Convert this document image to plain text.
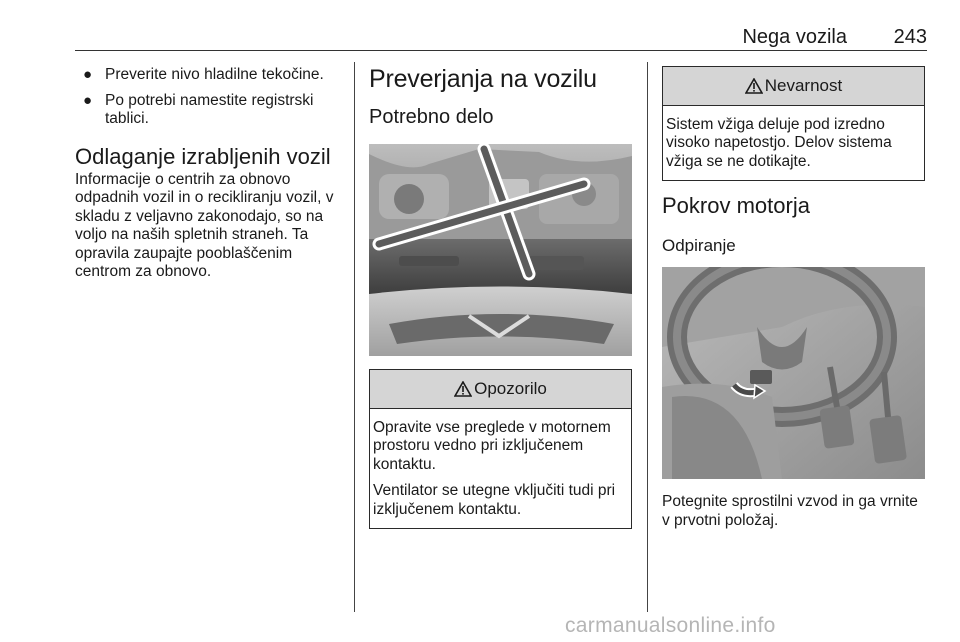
Nega vozila 243
● Preverite nivo hladilne tekočine.
● Po potrebi namestite registrski tablici.
Odlaganje izrabljenih vozil

Informacije o centrih za obnovo odpadnih vozil in o recikliranju vozil, v skladu z veljavno zakonodajo, so na voljo na naših spletnih straneh. Ta opravila zaupajte pooblaščenim centrom za obnovo.

Preverjanja na vozilu
Potrebno delo
Opozorilo

Opravite vse preglede v motornem prostoru vedno pri izključenem kontaktu.

Ventilator se utegne vključiti tudi pri izključenem kontaktu.

Nevarnost

Sistem vžiga deluje pod izredno visoko napetostjo. Delov sistema vžiga se ne dotikajte.

Pokrov motorja
Odpiranje

Potegnite sprostilni vzvod in ga vrnite v prvotni položaj.

carmanualsonline.info
